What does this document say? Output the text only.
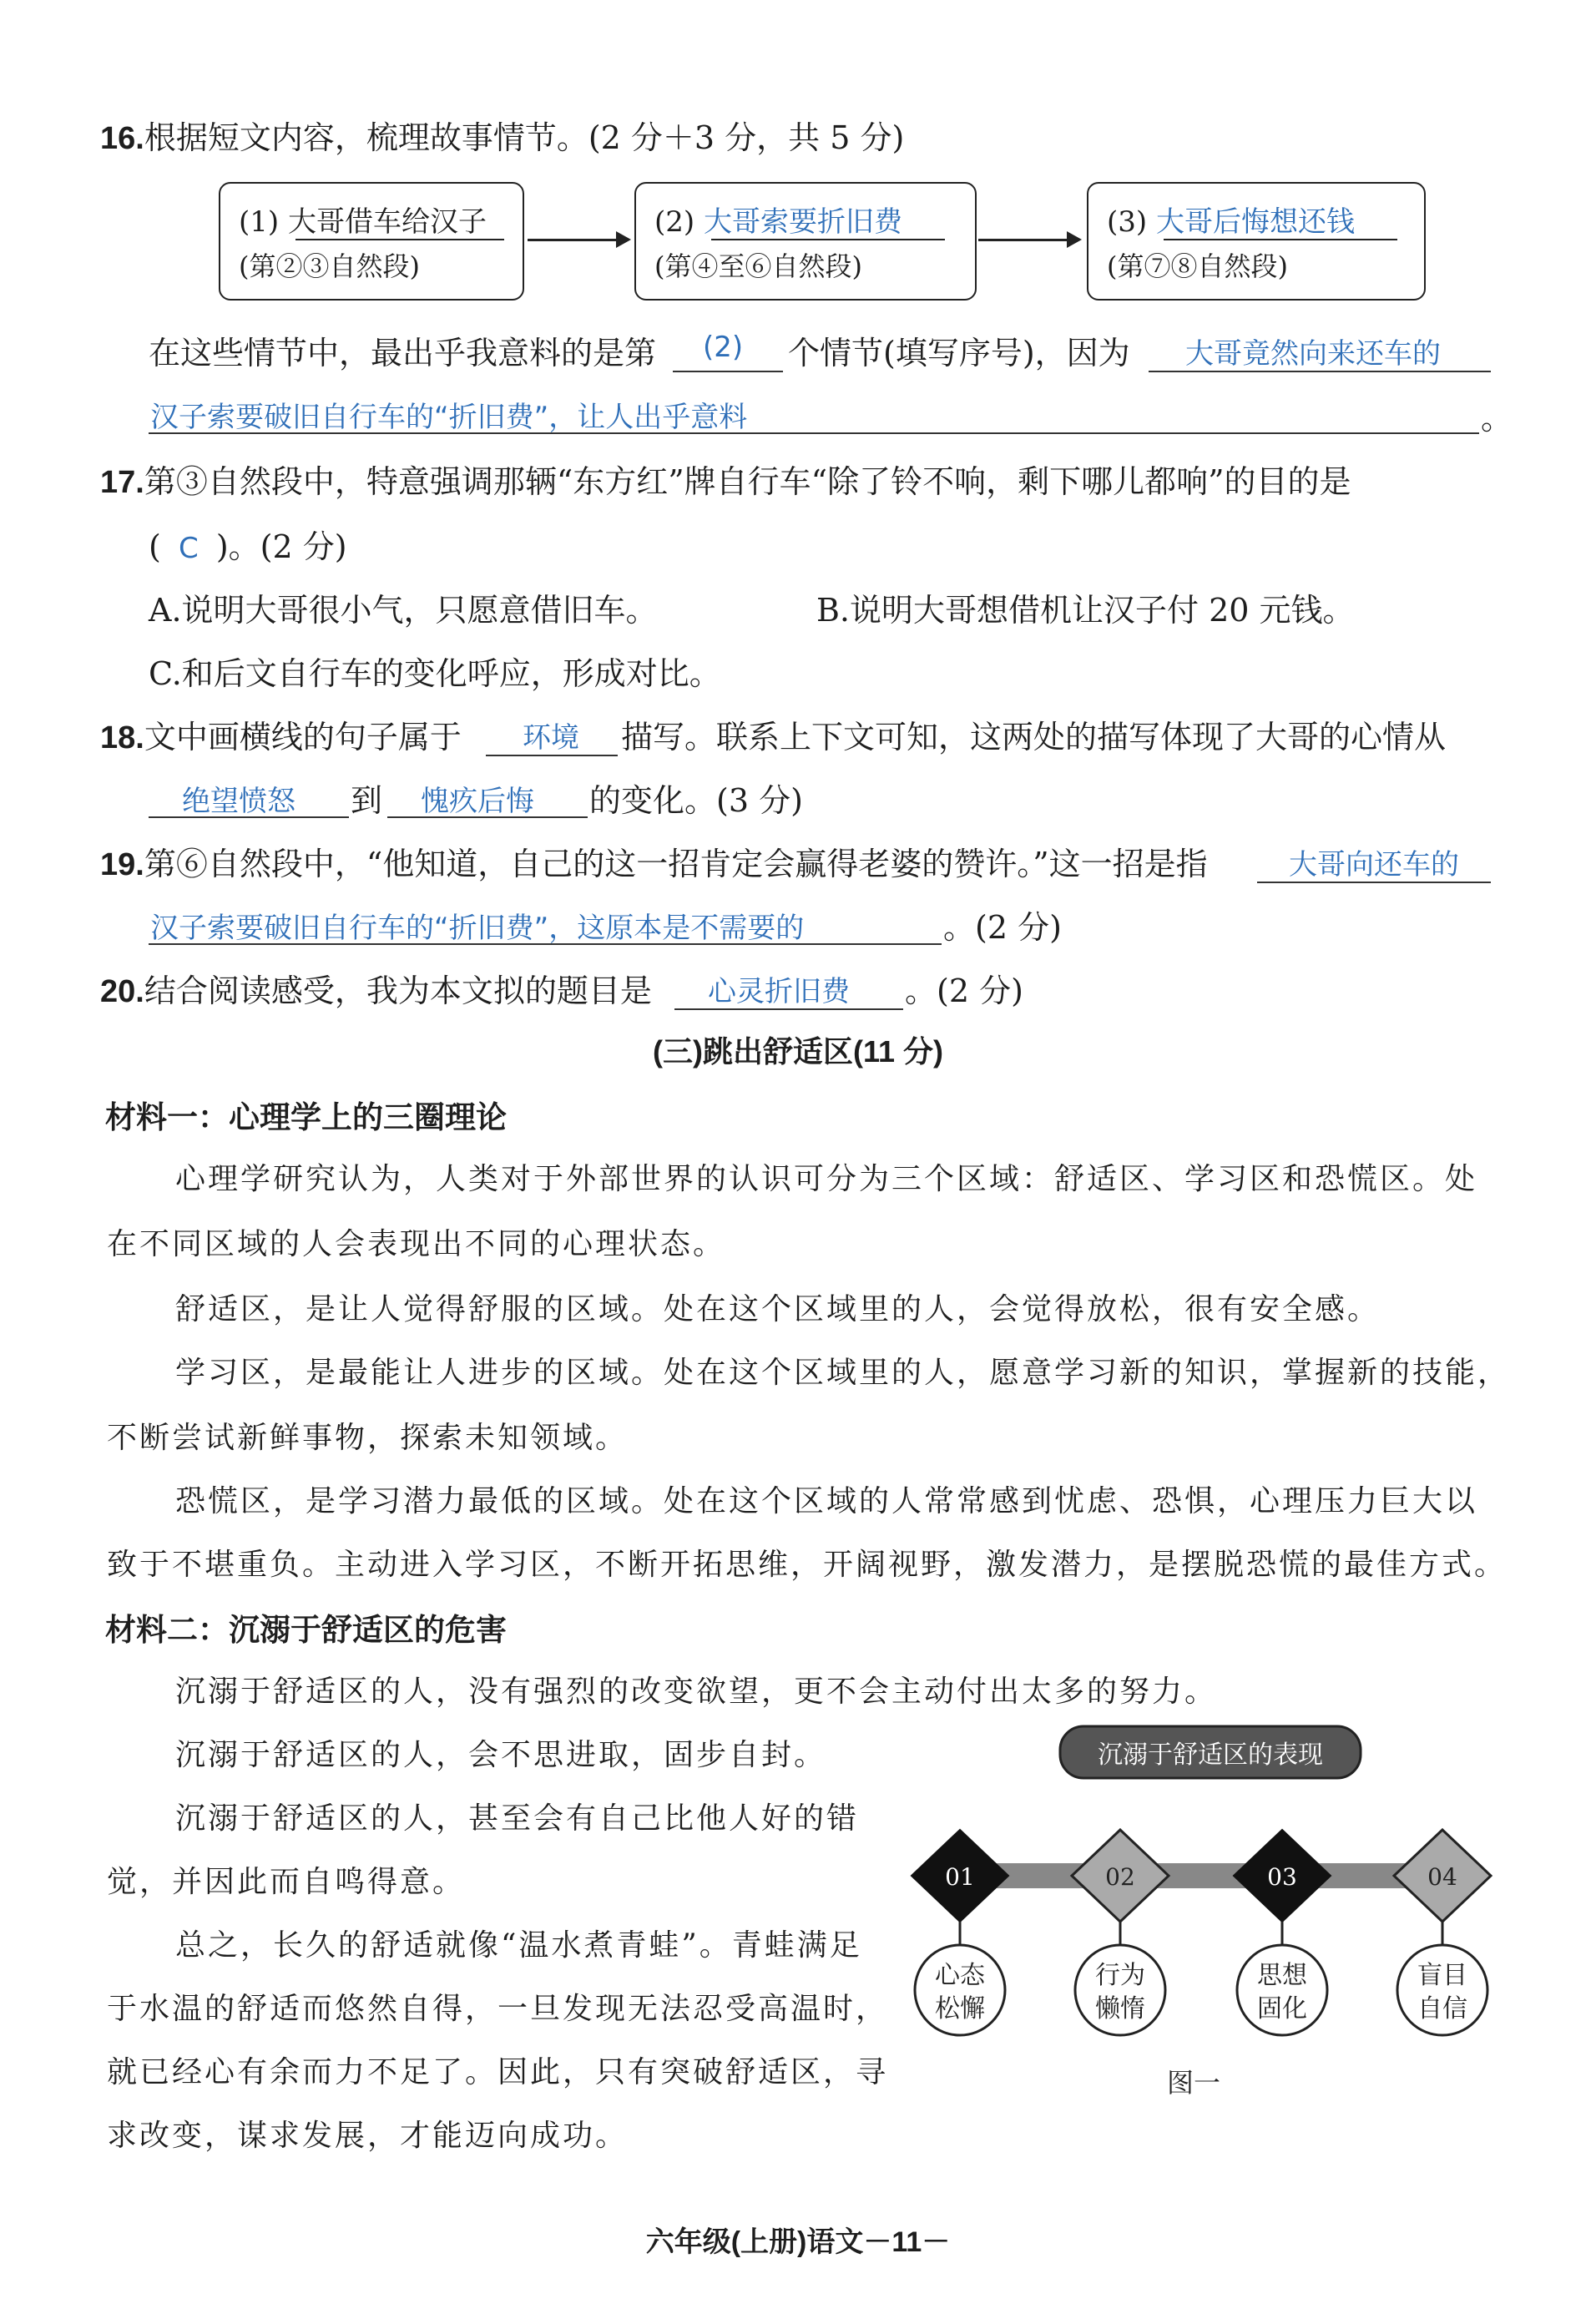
16.根据短文内容，梳理故事情节。(2 分＋3 分，共 5 分)
(1) 大哥借车给汉子
(第②③自然段)
(2) 大哥索要折旧费
(第④至⑥自然段)
(3) 大哥后悔想还钱
(第⑦⑧自然段)
在这些情节中，最出乎我意料的是第 (2) 个情节(填写序号)，因为 大哥竟然向来还车的
汉子索要破旧自行车的“折旧费”，让人出乎意料	。
17.第③自然段中，特意强调那辆“东方红”牌自行车“除了铃不响，剩下哪儿都响”的目的是
( C )。(2 分)
A.说明大哥很小气，只愿意借旧车。	B.说明大哥想借机让汉子付 20 元钱。
C.和后文自行车的变化呼应，形成对比。
18.文中画横线的句子属于 环境 描写。联系上下文可知，这两处的描写体现了大哥的心情从
绝望愤怒 到 愧疚后悔 的变化。(3 分)
19.第⑥自然段中，“他知道，自己的这一招肯定会赢得老婆的赞许。”这一招是指	大哥向还车的
汉子索要破旧自行车的“折旧费”，这原本是不需要的	。(2 分)
20.结合阅读感受，我为本文拟的题目是 心灵折旧费 。(2 分)
(三)跳出舒适区(11 分)
材料一：心理学上的三圈理论
心理学研究认为，人类对于外部世界的认识可分为三个区域：舒适区、学习区和恐慌区。处
在不同区域的人会表现出不同的心理状态。
舒适区，是让人觉得舒服的区域。处在这个区域里的人，会觉得放松，很有安全感。
学习区，是最能让人进步的区域。处在这个区域里的人，愿意学习新的知识，掌握新的技能，
不断尝试新鲜事物，探索未知领域。
恐慌区，是学习潜力最低的区域。处在这个区域的人常常感到忧虑、恐惧，心理压力巨大以
致于不堪重负。主动进入学习区，不断开拓思维，开阔视野，激发潜力，是摆脱恐慌的最佳方式。
材料二：沉溺于舒适区的危害
沉溺于舒适区的人，没有强烈的改变欲望，更不会主动付出太多的努力。
沉溺于舒适区的人，会不思进取，固步自封。
沉溺于舒适区的人，甚至会有自己比他人好的错
觉，并因此而自鸣得意。
总之，长久的舒适就像“温水煮青蛙”。青蛙满足
于水温的舒适而悠然自得，一旦发现无法忍受高温时，
就已经心有余而力不足了。因此，只有突破舒适区，寻
求改变，谋求发展，才能迈向成功。
沉溺于舒适区的表现
01
心态
松懈
02
行为
懒惰
03
思想
固化
04
盲目
自信
图一
六年级(上册)语文－11－
